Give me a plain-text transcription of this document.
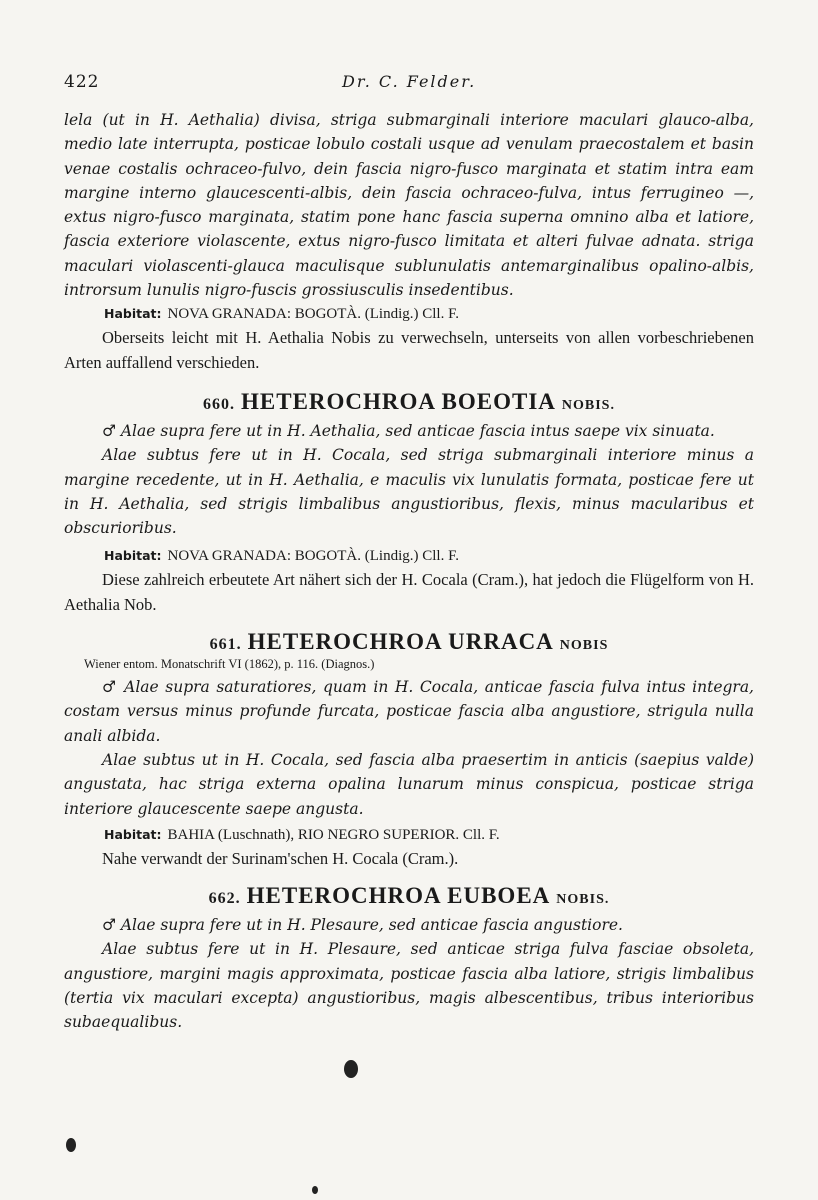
422	Dr. C. Felder.

lela (ut in H. Aethalia) divisa, striga submarginali interiore maculari glauco-alba, medio late interrupta, posticae lobulo costali usque ad venulam praecostalem et basin venae costalis ochraceo-fulvo, dein fascia nigro-fusco marginata et statim intra eam margine interno glaucescenti-albis, dein fascia ochraceo-fulva, intus ferrugineo —, extus nigro-fusco marginata, statim pone hanc fascia superna omnino alba et latiore, fascia exteriore violascente, extus nigro-fusco limitata et alteri fulvae adnata. striga maculari violascenti-glauca maculisque sublunulatis antemarginalibus opalino-albis, introrsum lunulis nigro-fuscis grossiusculis insedentibus.

Habitat: NOVA GRANADA: BOGOTÀ. (Lindig.) Cll. F.

Oberseits leicht mit H. Aethalia Nobis zu verwechseln, unterseits von allen vorbeschriebenen Arten auffallend verschieden.

660. HETEROCHROA BOEOTIA NOBIS.

♂ Alae supra fere ut in H. Aethalia, sed anticae fascia intus saepe vix sinuata.

Alae subtus fere ut in H. Cocala, sed striga submarginali interiore minus a margine recedente, ut in H. Aethalia, e maculis vix lunulatis formata, posticae fere ut in H. Aethalia, sed strigis limbalibus angustioribus, flexis, minus macularibus et obscurioribus.

Habitat: NOVA GRANADA: BOGOTÀ. (Lindig.) Cll. F.

Diese zahlreich erbeutete Art nähert sich der H. Cocala (Cram.), hat jedoch die Flügelform von H. Aethalia Nob.

661. HETEROCHROA URRACA NOBIS

Wiener entom. Monatschrift VI (1862), p. 116. (Diagnos.)

♂ Alae supra saturatiores, quam in H. Cocala, anticae fascia fulva intus integra, costam versus minus profunde furcata, posticae fascia alba angustiore, strigula nulla anali albida.

Alae subtus ut in H. Cocala, sed fascia alba praesertim in anticis (saepius valde) angustata, hac striga externa opalina lunarum minus conspicua, posticae striga interiore glaucescente saepe angusta.

Habitat: BAHIA (Luschnath), RIO NEGRO SUPERIOR. Cll. F.

Nahe verwandt der Surinam'schen H. Cocala (Cram.).

662. HETEROCHROA EUBOEA NOBIS.

♂ Alae supra fere ut in H. Plesaure, sed anticae fascia angustiore.

Alae subtus fere ut in H. Plesaure, sed anticae striga fulva fasciae obsoleta, angustiore, margini magis approximata, posticae fascia alba latiore, strigis limbalibus (tertia vix maculari excepta) angustioribus, magis albescentibus, tribus interioribus subaequalibus.
